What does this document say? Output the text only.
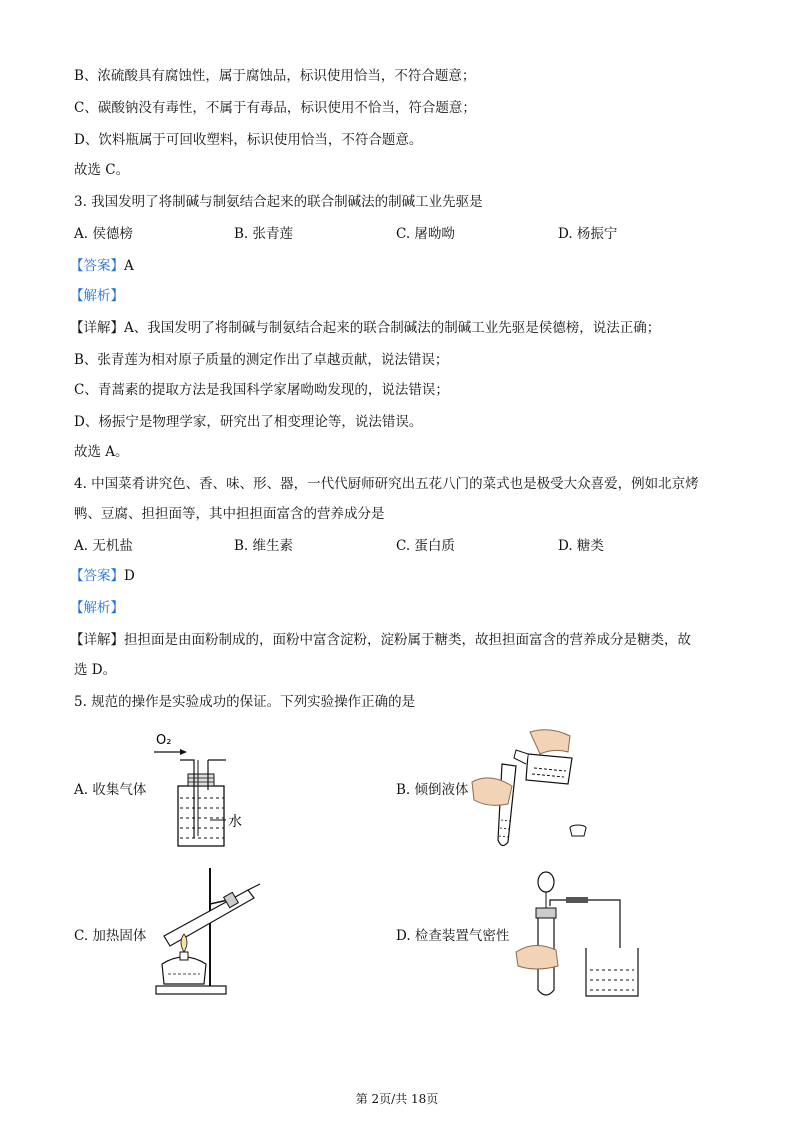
B、浓硫酸具有腐蚀性，属于腐蚀品，标识使用恰当，不符合题意；
C、碳酸钠没有毒性，不属于有毒品，标识使用不恰当，符合题意；
D、饮料瓶属于可回收塑料，标识使用恰当，不符合题意。
故选 C。
3. 我国发明了将制碱与制氨结合起来的联合制碱法的制碱工业先驱是
A. 侯德榜	B. 张青莲	C. 屠呦呦	D. 杨振宁
【答案】A
【解析】
【详解】A、我国发明了将制碱与制氨结合起来的联合制碱法的制碱工业先驱是侯德榜，说法正确；
B、张青莲为相对原子质量的测定作出了卓越贡献，说法错误；
C、青蒿素的提取方法是我国科学家屠呦呦发现的，说法错误；
D、杨振宁是物理学家，研究出了相变理论等，说法错误。
故选 A。
4. 中国菜肴讲究色、香、味、形、器，一代代厨师研究出五花八门的菜式也是极受大众喜爱，例如北京烤
鸭、豆腐、担担面等，其中担担面富含的营养成分是
A. 无机盐	B. 维生素	C. 蛋白质	D. 糖类
【答案】D
【解析】
【详解】担担面是由面粉制成的，面粉中富含淀粉，淀粉属于糖类，故担担面富含的营养成分是糖类，故
选 D。
5. 规范的操作是实验成功的保证。下列实验操作正确的是
A. 收集气体	B. 倾倒液体
C. 加热固体	D. 检查装置气密性
O₂
水
第 2页/共 18页
